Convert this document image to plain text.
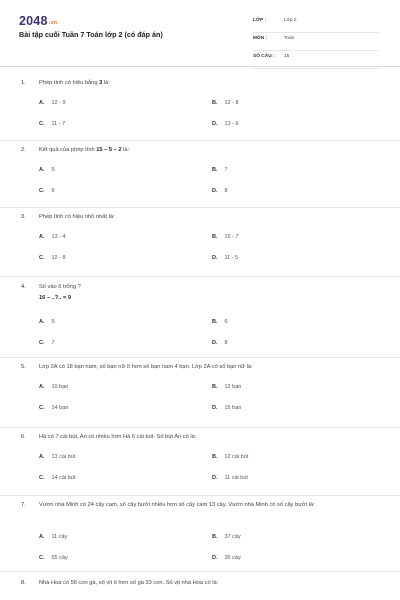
2048.vn
Bài tập cuối Tuần 7 Toán lớp 2 (có đáp án)
LỚP :	Lớp 2
MÔN :	Toán
SỐ CÂU : 15
1. Phép tính có hiệu bằng 3 là:
A. 12 - 9	B. 12 - 8
C. 11 - 7	D. 13 - 6
2. Kết quả của phép tính 15 – 5 – 2 là:
A. 5	B. 7
C. 9	D. 8
3. Phép tính có hiệu nhỏ nhất là:
A. 13 - 4	B. 15 - 7
C. 12 - 8	D. 11 - 5
4. Số vào ô trống ?
16 – ..?.. = 9
A. 5	B. 6
C. 7	D. 8
5. Lớp 2A có 18 bạn nam, số bạn nữ ít hơn số bạn nam 4 bạn. Lớp 2A có số bạn nữ là:
A. 10 bạn	B. 12 bạn
C. 14 bạn	D. 15 bạn
6. Hà có 7 cái bút, An có nhiều hơn Hà 6 cái bút. Số bút An có là:
A. 13 cái bút	B. 12 cái bút
C. 14 cái bút	D. 11 cái bút
7. Vườn nhà Minh có 24 cây cam, số cây bưởi nhiều hơn số cây cam 13 cây. Vườn nhà Minh có số cây bưởi là:
A. 11 cây	B. 37 cây
C. 55 cây	D. 35 cây
8. Nhà Hoa có 56 con gà, số vịt ít hơn số gà 33 con. Số vịt nhà Hoa có là:
